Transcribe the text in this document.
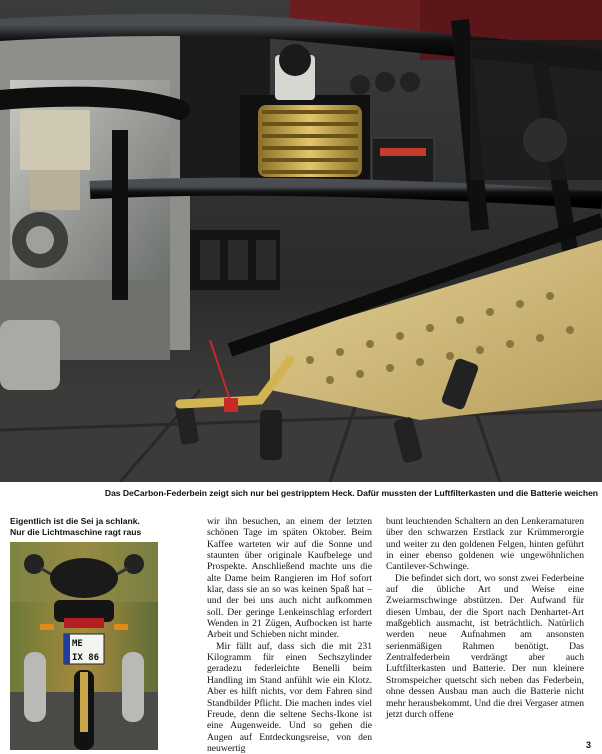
Das DeCarbon-Federbein zeigt sich nur bei gestripptem Heck. Dafür mussten der Luftfilterkasten und die Batterie weichen
Eigentlich ist die Sei ja schlank.
Nur die Lichtmaschine ragt raus
ME
IX 86

wir ihn besuchen, an einem der letzten schönen Tage im späten Oktober. Beim Kaffee warteten wir auf die Sonne und staunten über originale Kaufbelege und Prospekte. Anschließend machte uns die alte Dame beim Rangieren im Hof sofort klar, dass sie an so was keinen Spaß hat – und der bei uns auch nicht aufkommen soll. Der geringe Lenkeinschlag erfordert Wenden in 21 Zügen, Aufbocken ist harte Arbeit und Schieben nicht minder.

Mir fällt auf, dass sich die mit 231 Kilogramm für einen Sechszylinder geradezu federleichte Benelli beim Handling im Stand anfühlt wie ein Klotz. Aber es hilft nichts, vor dem Fahren sind Standbilder Pflicht. Die machen indes viel Freude, denn die seltene Sechs-Ikone ist eine Augenweide. Und so gehen die Augen auf Entdeckungsreise, von den neuwertig

bunt leuchtenden Schaltern an den Lenkeramaturen über den schwarzen Erstlack zur Krümmerorgie und weiter zu den goldenen Felgen, hinten geführt in einer ebenso goldenen wie ungewöhnlichen Cantilever-Schwinge.

Die befindet sich dort, wo sonst zwei Federbeine auf die übliche Art und Weise eine Zweiarmschwinge abstützen. Der Aufwand für diesen Umbau, der die Sport nach Denhartet-Art maßgeblich ausmacht, ist beträchtlich. Natürlich werden neue Aufnahmen am ansonsten serienmäßigen Rahmen benötigt. Das Zentralfederbein verdrängt aber auch Luftfilterkasten und Batterie. Der nun kleinere Stromspeicher quetscht sich neben das Federbein, ohne dessen Ausbau man auch die Batterie nicht mehr herausbekommt. Und die drei Vergaser atmen jetzt durch offene

3
